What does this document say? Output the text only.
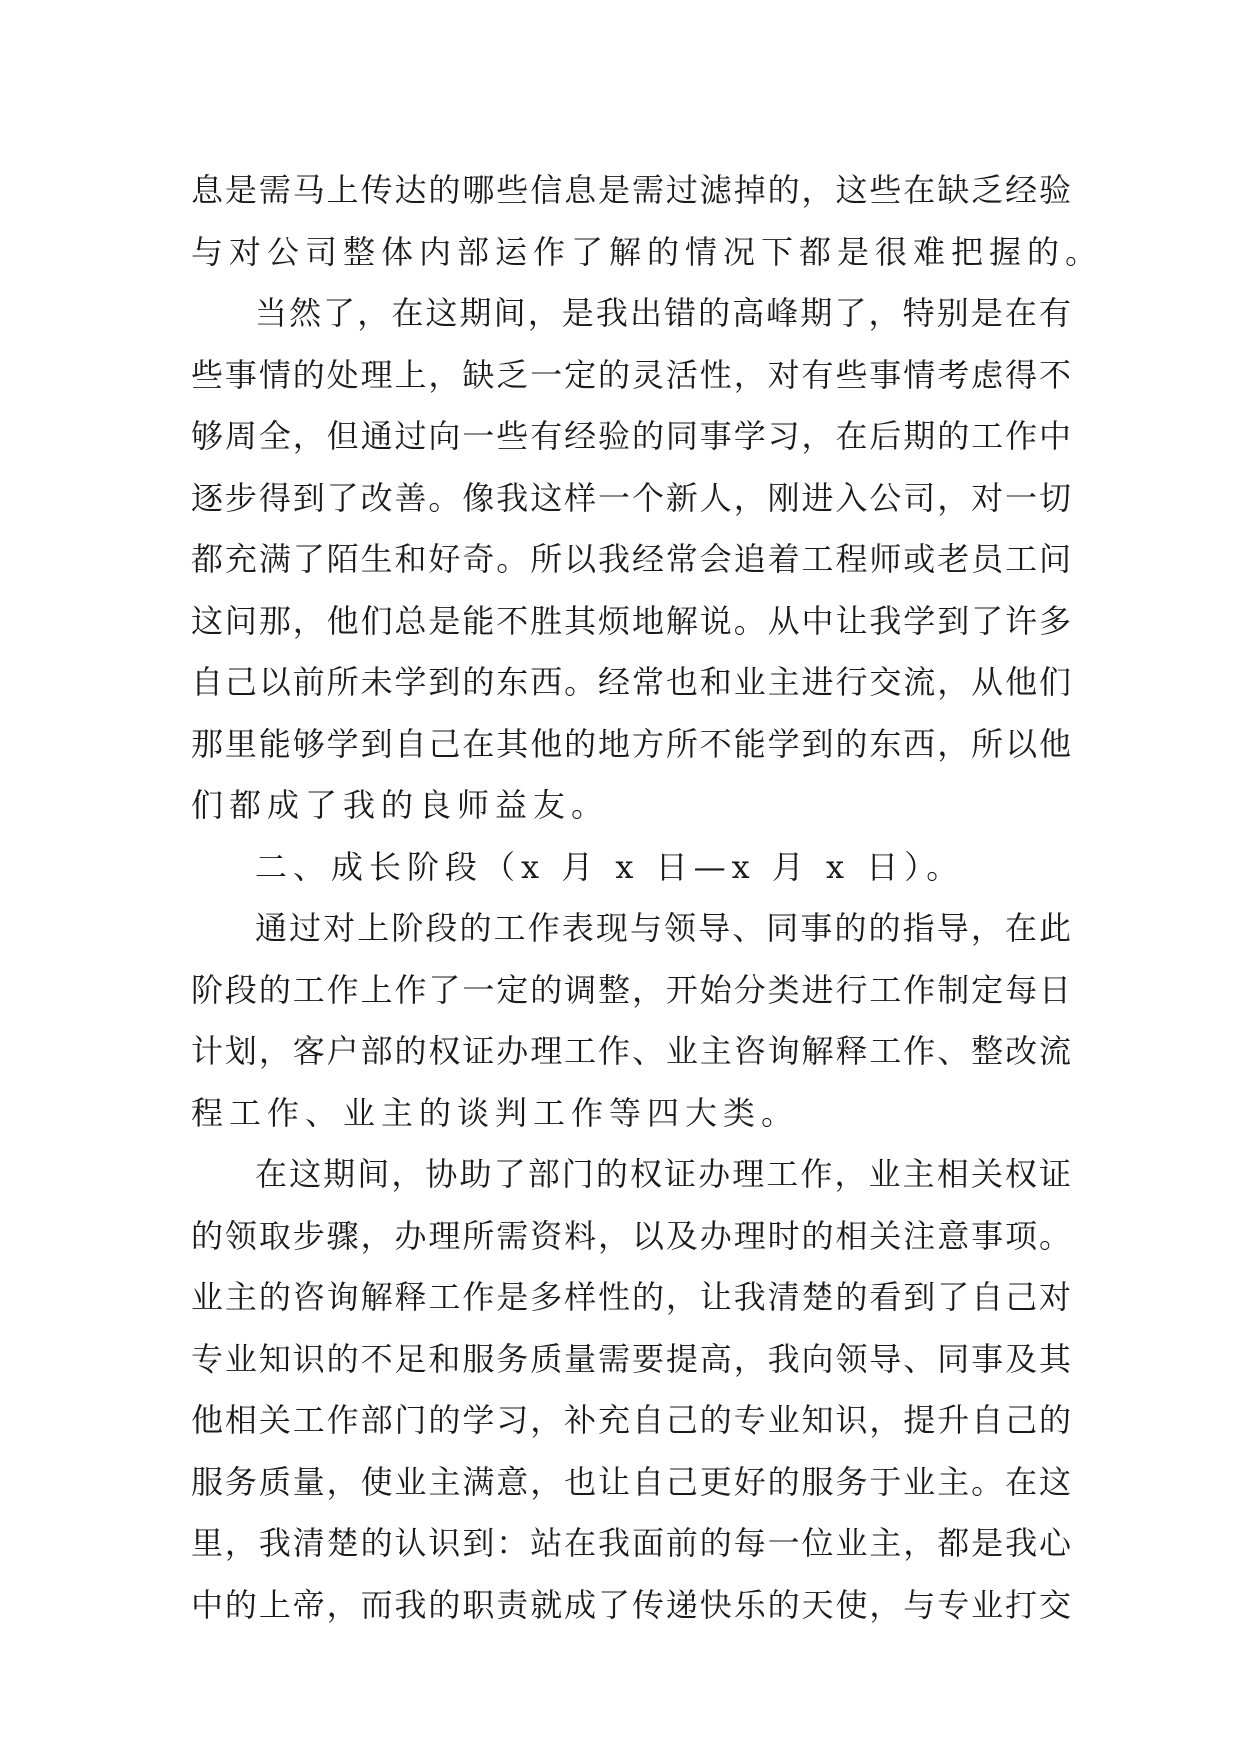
息是需马上传达的哪些信息是需过滤掉的，这些在缺乏经验
与对公司整体内部运作了解的情况下都是很难把握的。
当然了，在这期间，是我出错的高峰期了，特别是在有
些事情的处理上，缺乏一定的灵活性，对有些事情考虑得不
够周全，但通过向一些有经验的同事学习，在后期的工作中
逐步得到了改善。像我这样一个新人，刚进入公司，对一切
都充满了陌生和好奇。所以我经常会追着工程师或老员工问
这问那，他们总是能不胜其烦地解说。从中让我学到了许多
自己以前所未学到的东西。经常也和业主进行交流，从他们
那里能够学到自己在其他的地方所不能学到的东西，所以他
们都成了我的良师益友。
二、成长阶段（x 月 x 日—x 月 x 日）。
通过对上阶段的工作表现与领导、同事的的指导，在此
阶段的工作上作了一定的调整，开始分类进行工作制定每日
计划，客户部的权证办理工作、业主咨询解释工作、整改流
程工作、业主的谈判工作等四大类。
在这期间，协助了部门的权证办理工作，业主相关权证
的领取步骤，办理所需资料，以及办理时的相关注意事项。
业主的咨询解释工作是多样性的，让我清楚的看到了自己对
专业知识的不足和服务质量需要提高，我向领导、同事及其
他相关工作部门的学习，补充自己的专业知识，提升自己的
服务质量，使业主满意，也让自己更好的服务于业主。在这
里，我清楚的认识到：站在我面前的每一位业主，都是我心
中的上帝，而我的职责就成了传递快乐的天使，与专业打交
